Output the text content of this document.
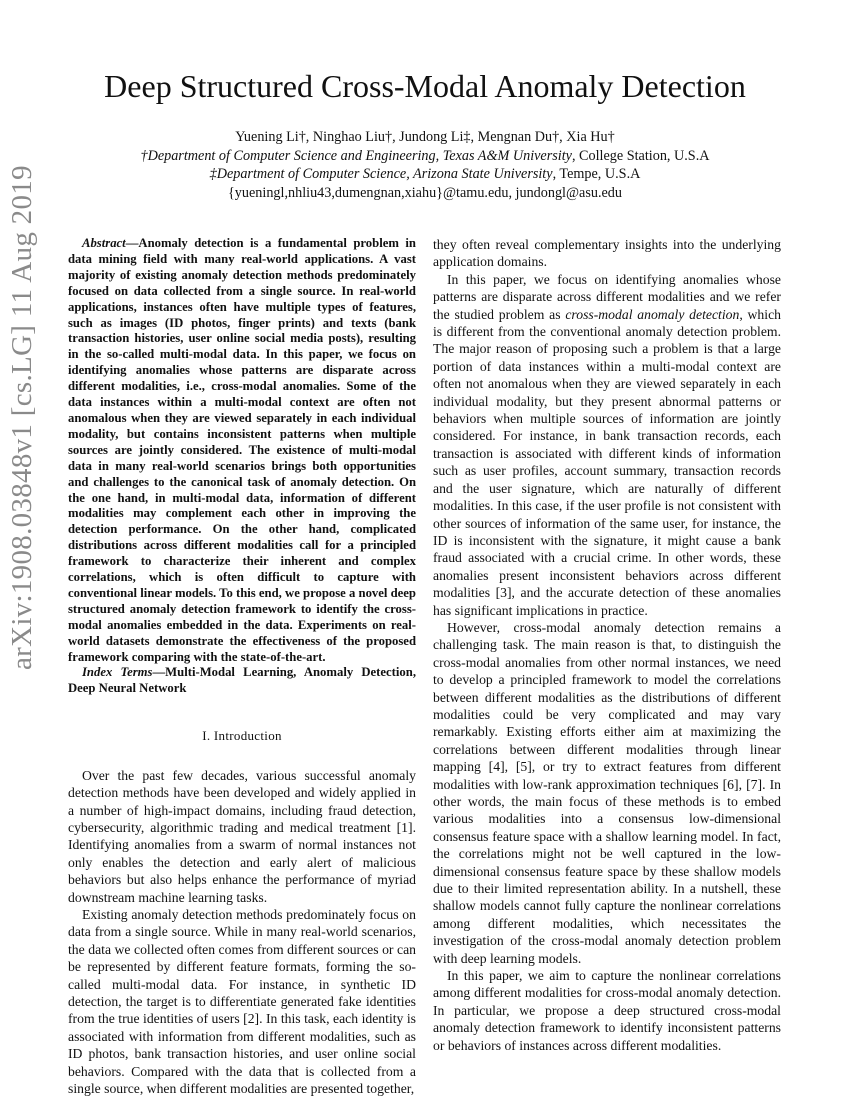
arXiv:1908.03848v1 [cs.LG] 11 Aug 2019
Deep Structured Cross-Modal Anomaly Detection
Yuening Li†, Ninghao Liu†, Jundong Li‡, Mengnan Du†, Xia Hu†
†Department of Computer Science and Engineering, Texas A&M University, College Station, U.S.A
‡Department of Computer Science, Arizona State University, Tempe, U.S.A
{yueningl,nhliu43,dumengnan,xiahu}@tamu.edu, jundongl@asu.edu

Abstract—Anomaly detection is a fundamental problem in data mining field with many real-world applications. A vast majority of existing anomaly detection methods predominately focused on data collected from a single source. In real-world applications, instances often have multiple types of features, such as images (ID photos, finger prints) and texts (bank transaction histories, user online social media posts), resulting in the so-called multi-modal data. In this paper, we focus on identifying anomalies whose patterns are disparate across different modalities, i.e., cross-modal anomalies. Some of the data instances within a multi-modal context are often not anomalous when they are viewed separately in each individual modality, but contains inconsistent patterns when multiple sources are jointly considered. The existence of multi-modal data in many real-world scenarios brings both opportunities and challenges to the canonical task of anomaly detection. On the one hand, in multi-modal data, information of different modalities may complement each other in improving the detection performance. On the other hand, complicated distributions across different modalities call for a principled framework to characterize their inherent and complex correlations, which is often difficult to capture with conventional linear models. To this end, we propose a novel deep structured anomaly detection framework to identify the cross-modal anomalies embedded in the data. Experiments on real-world datasets demonstrate the effectiveness of the proposed framework comparing with the state-of-the-art.

Index Terms—Multi-Modal Learning, Anomaly Detection, Deep Neural Network

I. Introduction

Over the past few decades, various successful anomaly detection methods have been developed and widely applied in a number of high-impact domains, including fraud detection, cybersecurity, algorithmic trading and medical treatment [1]. Identifying anomalies from a swarm of normal instances not only enables the detection and early alert of malicious behaviors but also helps enhance the performance of myriad downstream machine learning tasks.

Existing anomaly detection methods predominately focus on data from a single source. While in many real-world scenarios, the data we collected often comes from different sources or can be represented by different feature formats, forming the so-called multi-modal data. For instance, in synthetic ID detection, the target is to differentiate generated fake identities from the true identities of users [2]. In this task, each identity is associated with information from different modalities, such as ID photos, bank transaction histories, and user online social behaviors. Compared with the data that is collected from a single source, when different modalities are presented together,

they often reveal complementary insights into the underlying application domains.

In this paper, we focus on identifying anomalies whose patterns are disparate across different modalities and we refer the studied problem as cross-modal anomaly detection, which is different from the conventional anomaly detection problem. The major reason of proposing such a problem is that a large portion of data instances within a multi-modal context are often not anomalous when they are viewed separately in each individual modality, but they present abnormal patterns or behaviors when multiple sources of information are jointly considered. For instance, in bank transaction records, each transaction is associated with different kinds of information such as user profiles, account summary, transaction records and the user signature, which are naturally of different modalities. In this case, if the user profile is not consistent with other sources of information of the same user, for instance, the ID is inconsistent with the signature, it might cause a bank fraud associated with a crucial crime. In other words, these anomalies present inconsistent behaviors across different modalities [3], and the accurate detection of these anomalies has significant implications in practice.

However, cross-modal anomaly detection remains a challenging task. The main reason is that, to distinguish the cross-modal anomalies from other normal instances, we need to develop a principled framework to model the correlations between different modalities as the distributions of different modalities could be very complicated and may vary remarkably. Existing efforts either aim at maximizing the correlations between different modalities through linear mapping [4], [5], or try to extract features from different modalities with low-rank approximation techniques [6], [7]. In other words, the main focus of these methods is to embed various modalities into a consensus low-dimensional consensus feature space with a shallow learning model. In fact, the correlations might not be well captured in the low-dimensional consensus feature space by these shallow models due to their limited representation ability. In a nutshell, these shallow models cannot fully capture the nonlinear correlations among different modalities, which necessitates the investigation of the cross-modal anomaly detection problem with deep learning models.

In this paper, we aim to capture the nonlinear correlations among different modalities for cross-modal anomaly detection. In particular, we propose a deep structured cross-modal anomaly detection framework to identify inconsistent patterns or behaviors of instances across different modalities.
